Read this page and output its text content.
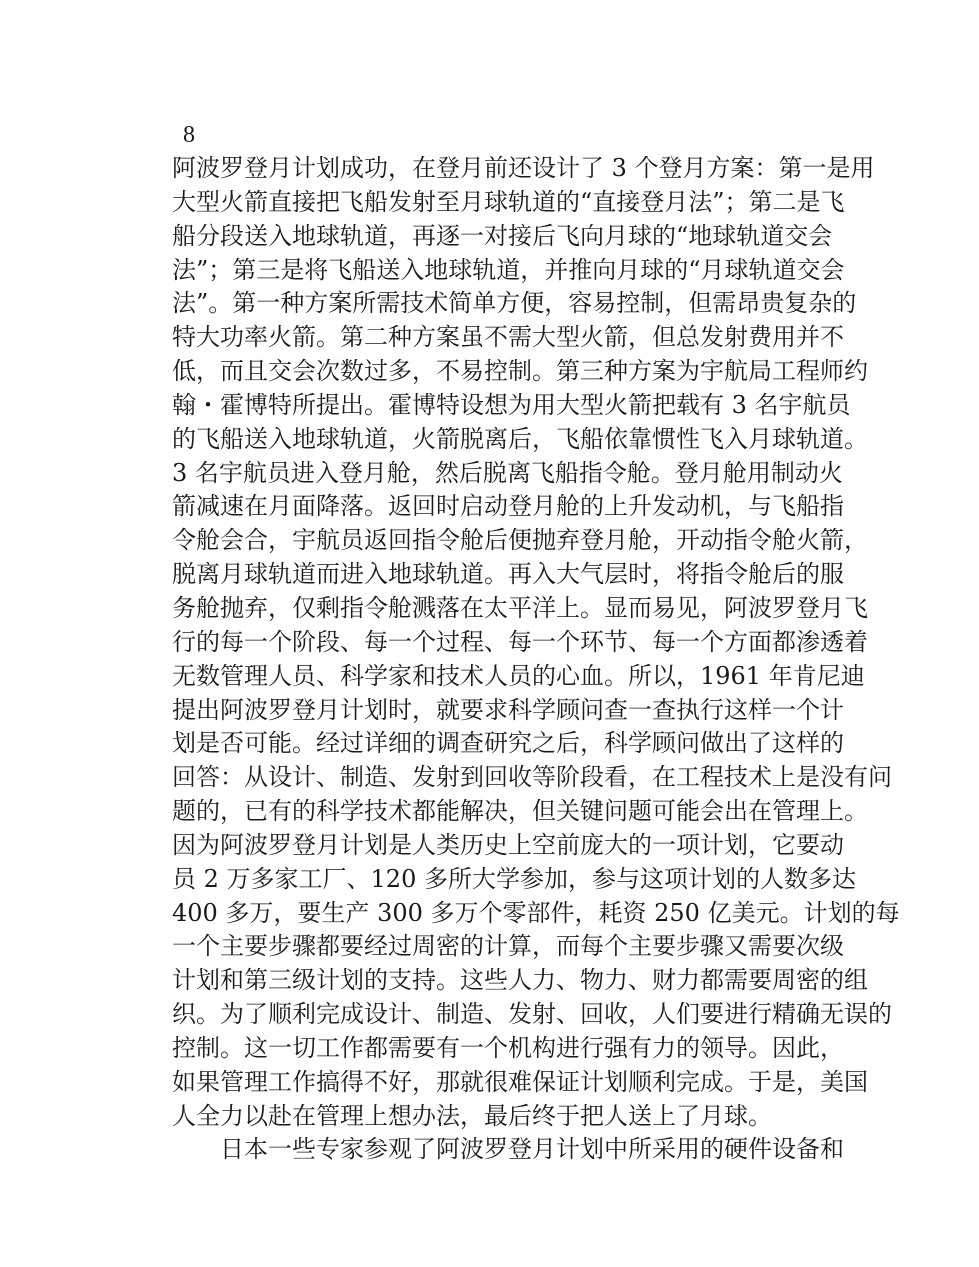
8
阿波罗登月计划成功，在登月前还设计了 3 个登月方案：第一是用
大型火箭直接把飞船发射至月球轨道的“直接登月法”；第二是飞
船分段送入地球轨道，再逐一对接后飞向月球的“地球轨道交会
法”；第三是将飞船送入地球轨道，并推向月球的“月球轨道交会
法”。第一种方案所需技术简单方便，容易控制，但需昂贵复杂的
特大功率火箭。第二种方案虽不需大型火箭，但总发射费用并不
低，而且交会次数过多，不易控制。第三种方案为宇航局工程师约
翰・霍博特所提出。霍博特设想为用大型火箭把载有 3 名宇航员
的飞船送入地球轨道，火箭脱离后，飞船依靠惯性飞入月球轨道。
3 名宇航员进入登月舱，然后脱离飞船指令舱。登月舱用制动火
箭减速在月面降落。返回时启动登月舱的上升发动机，与飞船指
令舱会合，宇航员返回指令舱后便抛弃登月舱，开动指令舱火箭，
脱离月球轨道而进入地球轨道。再入大气层时，将指令舱后的服
务舱抛弃，仅剩指令舱溅落在太平洋上。显而易见，阿波罗登月飞
行的每一个阶段、每一个过程、每一个环节、每一个方面都渗透着
无数管理人员、科学家和技术人员的心血。所以，1961 年肯尼迪
提出阿波罗登月计划时，就要求科学顾问查一查执行这样一个计
划是否可能。经过详细的调查研究之后，科学顾问做出了这样的
回答：从设计、制造、发射到回收等阶段看，在工程技术上是没有问
题的，已有的科学技术都能解决，但关键问题可能会出在管理上。
因为阿波罗登月计划是人类历史上空前庞大的一项计划，它要动
员 2 万多家工厂、120 多所大学参加，参与这项计划的人数多达
400 多万，要生产 300 多万个零部件，耗资 250 亿美元。计划的每
一个主要步骤都要经过周密的计算，而每个主要步骤又需要次级
计划和第三级计划的支持。这些人力、物力、财力都需要周密的组
织。为了顺利完成设计、制造、发射、回收，人们要进行精确无误的
控制。这一切工作都需要有一个机构进行强有力的领导。因此，
如果管理工作搞得不好，那就很难保证计划顺利完成。于是，美国
人全力以赴在管理上想办法，最后终于把人送上了月球。
日本一些专家参观了阿波罗登月计划中所采用的硬件设备和
